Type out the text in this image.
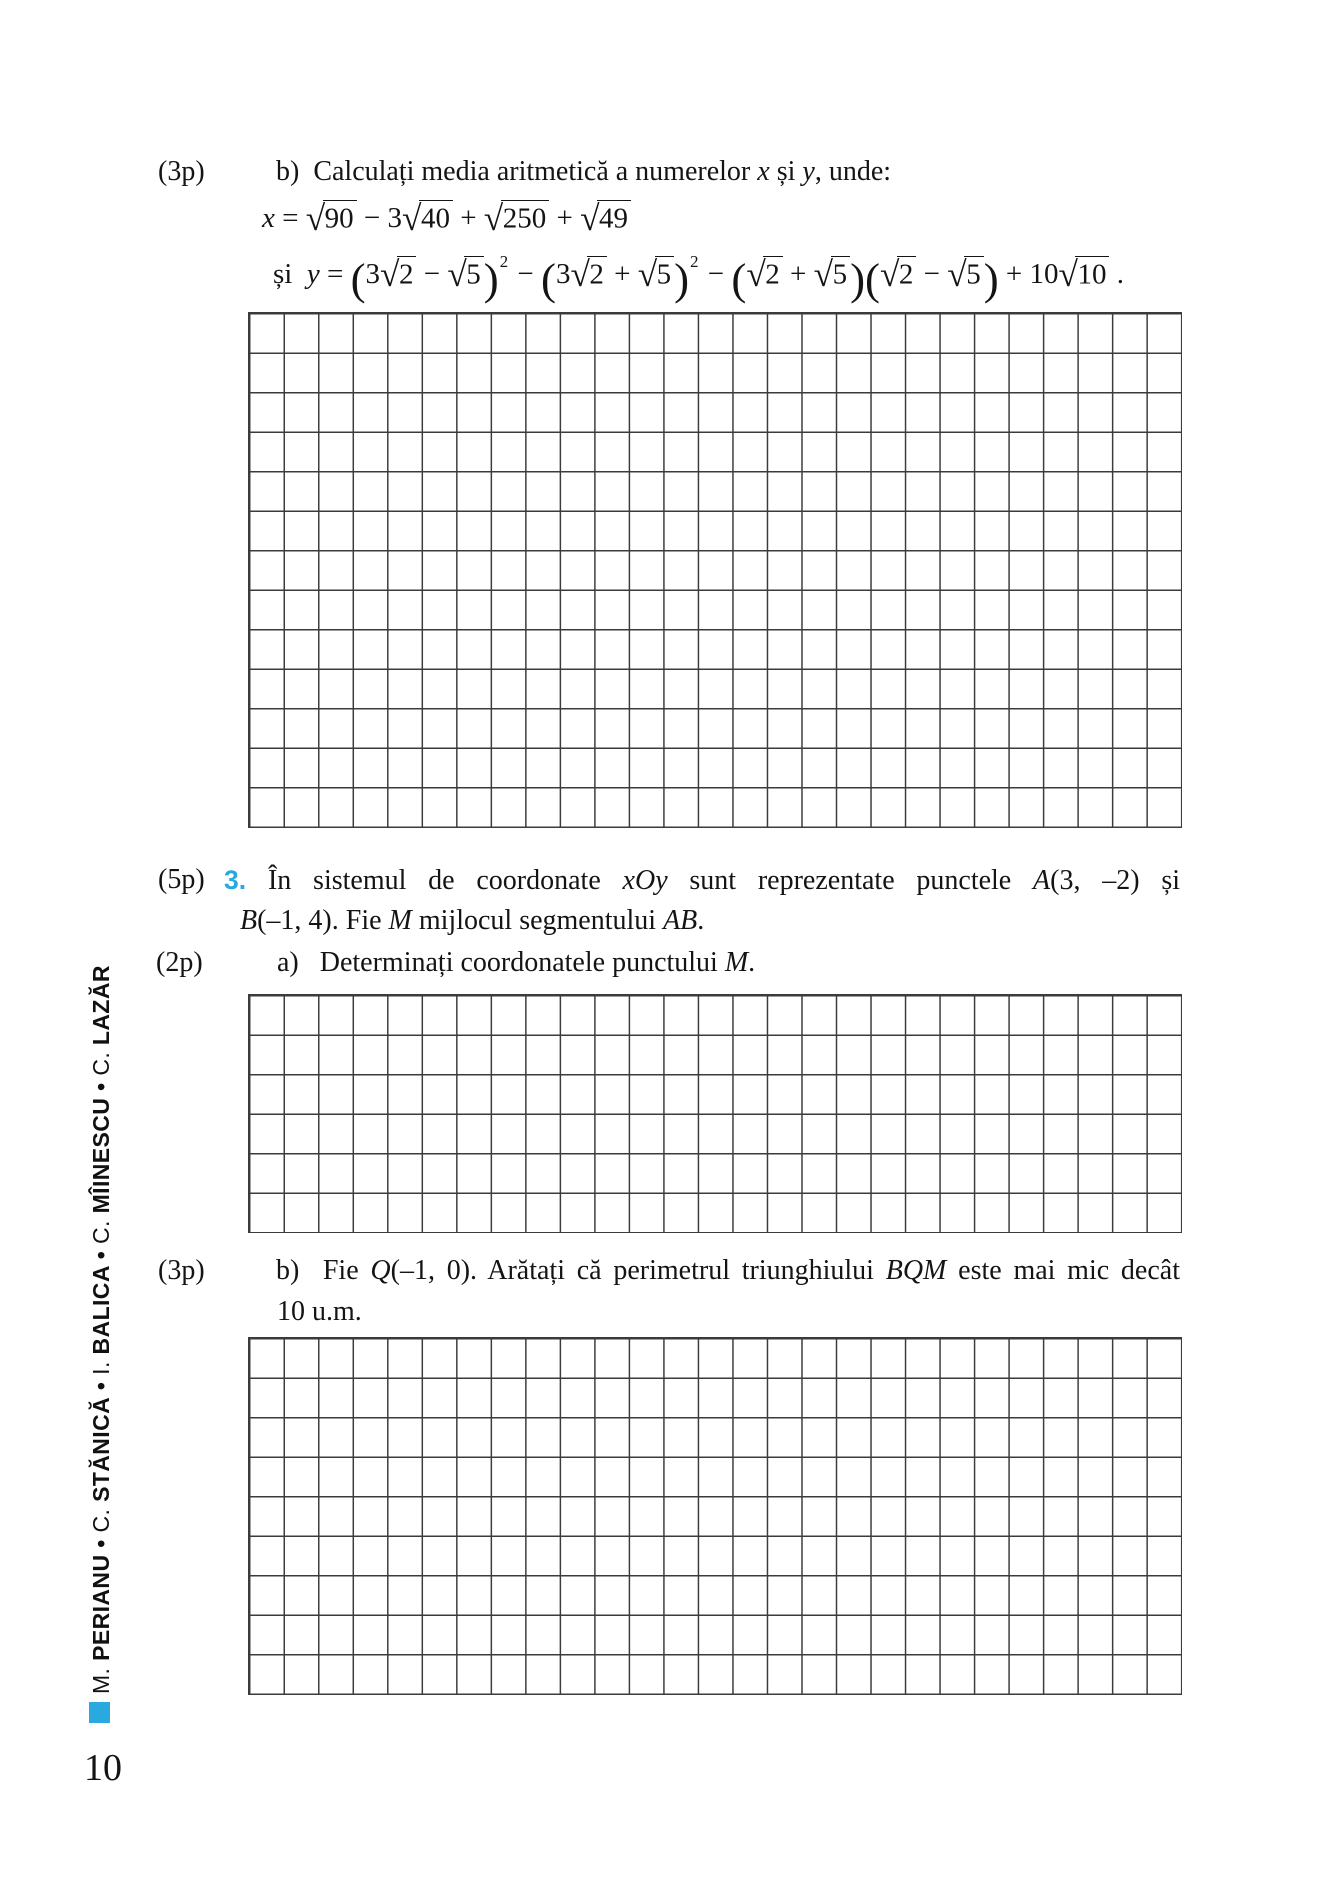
M. PERIANU • C. STĂNICĂ • I. BALICA • C. MÎINESCU • C. LAZĂR
10
(3p)	b)  Calculați media aritmetică a numerelor x și y, unde:
x = √90 − 3√40 + √250 + √49
și  y = (3√2 − √5)2 − (3√2 + √5)2 − (√2 + √5)(√2 − √5) + 10√10 .
(5p) 3. În sistemul de coordonate xOy sunt reprezentate punctele A(3, –2) și
B(–1, 4). Fie M mijlocul segmentului AB.
(2p)	a)   Determinați coordonatele punctului M.
(3p)	b)  Fie Q(–1, 0). Arătați că perimetrul triunghiului BQM este mai mic decât
10 u.m.
